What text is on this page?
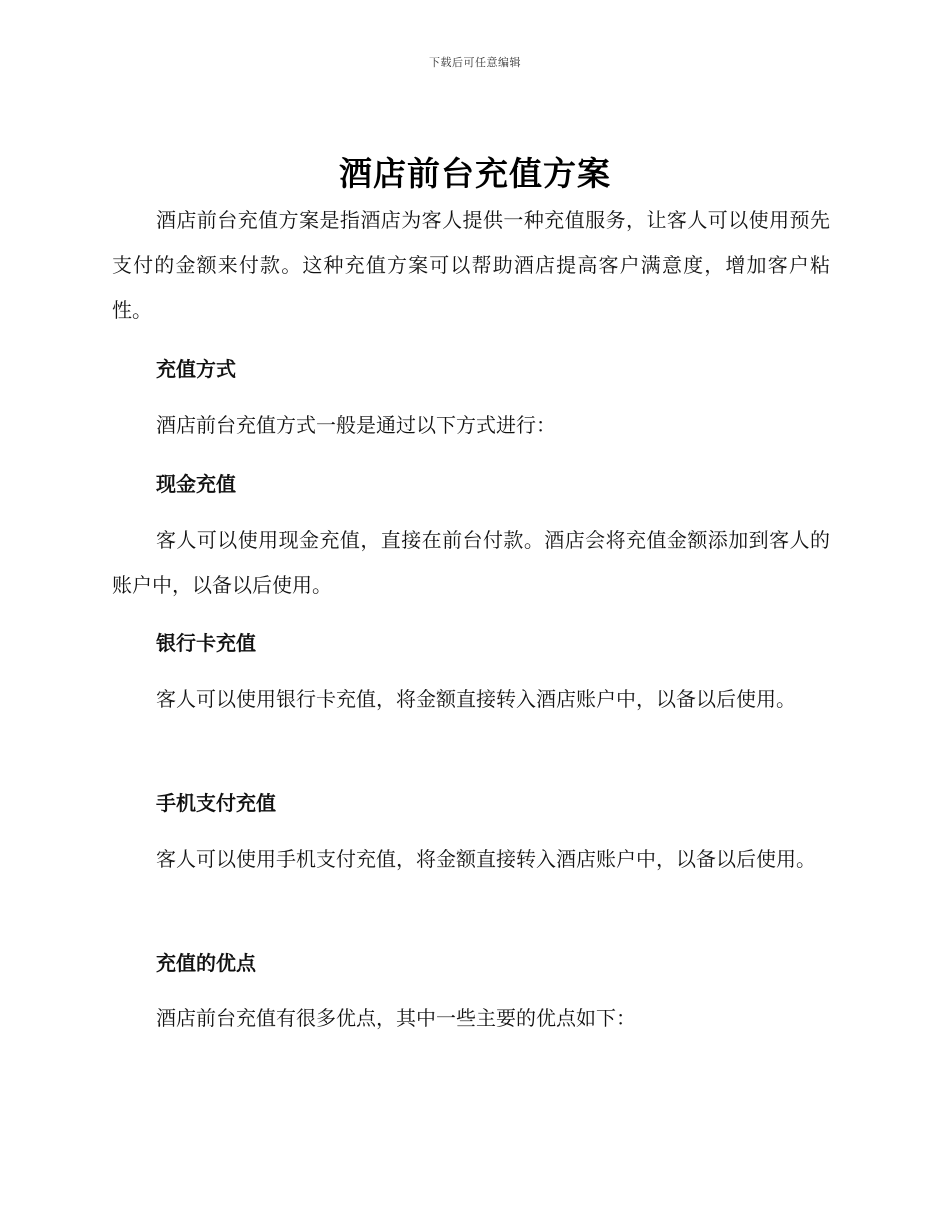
下载后可任意编辑
酒店前台充值方案

酒店前台充值方案是指酒店为客人提供一种充值服务，让客人可以使用预先支付的金额来付款。这种充值方案可以帮助酒店提高客户满意度，增加客户粘性。

充值方式

酒店前台充值方式一般是通过以下方式进行：

现金充值

客人可以使用现金充值，直接在前台付款。酒店会将充值金额添加到客人的账户中，以备以后使用。

银行卡充值

客人可以使用银行卡充值，将金额直接转入酒店账户中，以备以后使用。

手机支付充值

客人可以使用手机支付充值，将金额直接转入酒店账户中，以备以后使用。

充值的优点

酒店前台充值有很多优点，其中一些主要的优点如下：
